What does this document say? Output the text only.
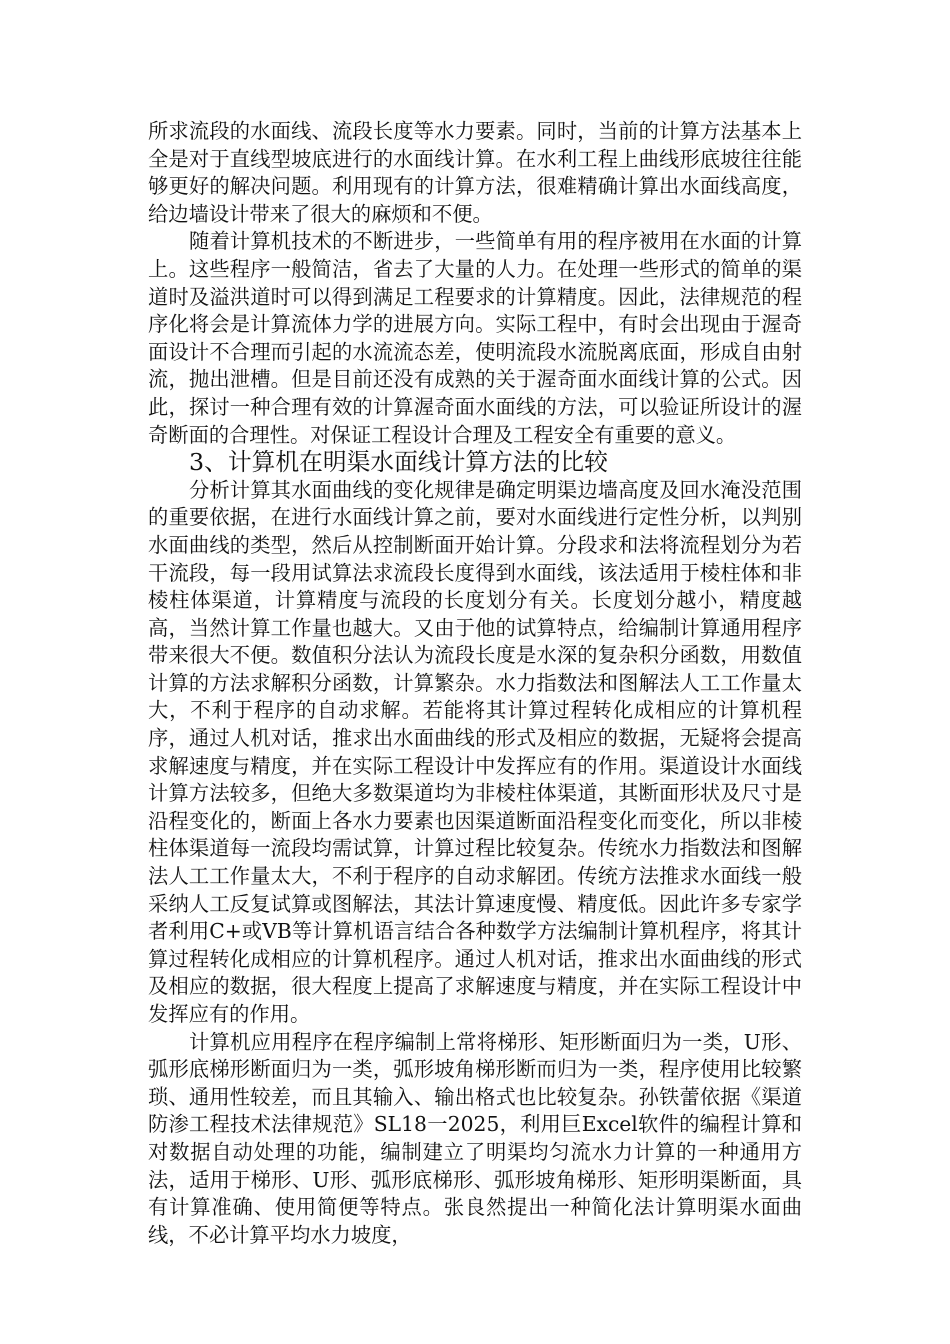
所求流段的水面线、流段长度等水力要素。同时，当前的计算方法基本上全是对于直线型坡底进行的水面线计算。在水利工程上曲线形底坡往往能够更好的解决问题。利用现有的计算方法，很难精确计算出水面线高度，给边墙设计带来了很大的麻烦和不便。

随着计算机技术的不断进步，一些简单有用的程序被用在水面的计算上。这些程序一般简洁，省去了大量的人力。在处理一些形式的简单的渠道时及溢洪道时可以得到满足工程要求的计算精度。因此，法律规范的程序化将会是计算流体力学的进展方向。实际工程中，有时会出现由于渥奇面设计不合理而引起的水流流态差，使明流段水流脱离底面，形成自由射流，抛出泄槽。但是目前还没有成熟的关于渥奇面水面线计算的公式。因此，探讨一种合理有效的计算渥奇面水面线的方法，可以验证所设计的渥奇断面的合理性。对保证工程设计合理及工程安全有重要的意义。

3、计算机在明渠水面线计算方法的比较

分析计算其水面曲线的变化规律是确定明渠边墙高度及回水淹没范围的重要依据，在进行水面线计算之前，要对水面线进行定性分析，以判别水面曲线的类型，然后从控制断面开始计算。分段求和法将流程划分为若干流段，每一段用试算法求流段长度得到水面线，该法适用于棱柱体和非棱柱体渠道，计算精度与流段的长度划分有关。长度划分越小，精度越高，当然计算工作量也越大。又由于他的试算特点，给编制计算通用程序带来很大不便。数值积分法认为流段长度是水深的复杂积分函数，用数值计算的方法求解积分函数，计算繁杂。水力指数法和图解法人工工作量太大，不利于程序的自动求解。若能将其计算过程转化成相应的计算机程序，通过人机对话，推求出水面曲线的形式及相应的数据，无疑将会提高求解速度与精度，并在实际工程设计中发挥应有的作用。渠道设计水面线计算方法较多，但绝大多数渠道均为非棱柱体渠道，其断面形状及尺寸是沿程变化的，断面上各水力要素也因渠道断面沿程变化而变化，所以非棱柱体渠道每一流段均需试算，计算过程比较复杂。传统水力指数法和图解法人工工作量太大，不利于程序的自动求解团。传统方法推求水面线一般采纳人工反复试算或图解法，其法计算速度慢、精度低。因此许多专家学者利用C+或VB等计算机语言结合各种数学方法编制计算机程序，将其计算过程转化成相应的计算机程序。通过人机对话，推求出水面曲线的形式及相应的数据，很大程度上提高了求解速度与精度，并在实际工程设计中发挥应有的作用。

计算机应用程序在程序编制上常将梯形、矩形断面归为一类，U形、弧形底梯形断面归为一类，弧形坡角梯形断而归为一类，程序使用比较繁琐、通用性较差，而且其输入、输出格式也比较复杂。孙铁蕾依据《渠道防渗工程技术法律规范》SL18一2025，利用巨Excel软件的编程计算和对数据自动处理的功能，编制建立了明渠均匀流水力计算的一种通用方法，适用于梯形、U形、弧形底梯形、弧形坡角梯形、矩形明渠断面，具有计算准确、使用简便等特点。张良然提出一种简化法计算明渠水面曲线，不必计算平均水力坡度，
